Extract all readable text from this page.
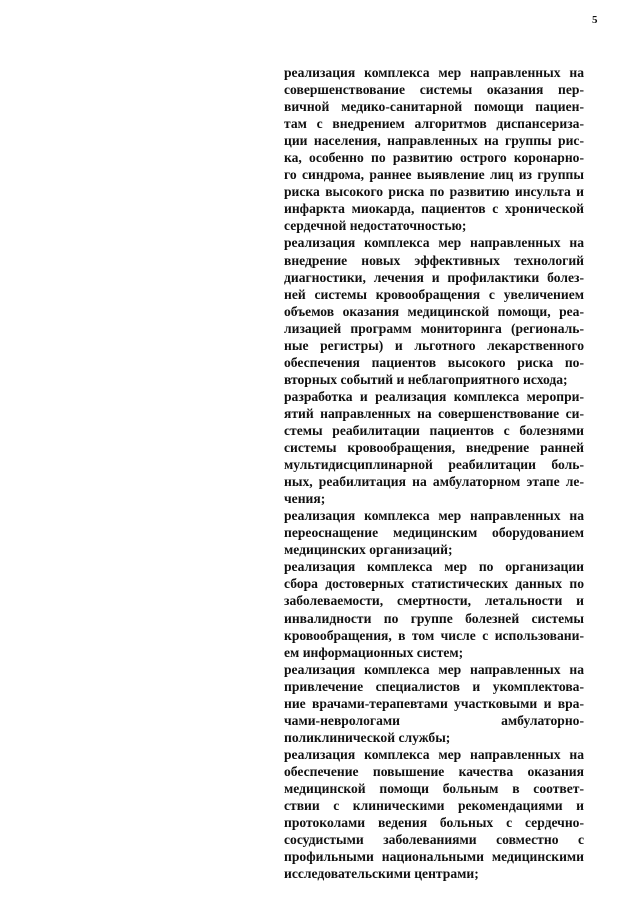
5
реализация комплекса мер направленных на
совершенствование системы оказания пер-
вичной медико-санитарной помощи пациен-
там с внедрением алгоритмов диспансериза-
ции населения, направленных на группы рис-
ка, особенно по развитию острого коронарно-
го синдрома, раннее выявление лиц из группы
риска высокого риска по развитию инсульта и
инфаркта миокарда, пациентов с хронической
сердечной недостаточностью;
реализация комплекса мер направленных на
внедрение новых эффективных технологий
диагностики, лечения и профилактики болез-
ней системы кровообращения с увеличением
объемов оказания медицинской помощи, реа-
лизацией программ мониторинга (региональ-
ные регистры) и льготного лекарственного
обеспечения пациентов высокого риска по-
вторных событий и неблагоприятного исхода;
разработка и реализация комплекса меропри-
ятий направленных на совершенствование си-
стемы реабилитации пациентов с болезнями
системы кровообращения, внедрение ранней
мультидисциплинарной реабилитации боль-
ных, реабилитация на амбулаторном этапе ле-
чения;
реализация комплекса мер направленных на
переоснащение медицинским оборудованием
медицинских организаций;
реализация комплекса мер по организации
сбора достоверных статистических данных по
заболеваемости, смертности, летальности и
инвалидности по группе болезней системы
кровообращения, в том числе с использовани-
ем информационных систем;
реализация комплекса мер направленных на
привлечение специалистов и укомплектова-
ние врачами-терапевтами участковыми и вра-
чами-неврологами амбулаторно-
поликлинической службы;
реализация комплекса мер направленных на
обеспечение повышение качества оказания
медицинской помощи больным в соответ-
ствии с клиническими рекомендациями и
протоколами ведения больных с сердечно-
сосудистыми заболеваниями совместно с
профильными национальными медицинскими
исследовательскими центрами;
